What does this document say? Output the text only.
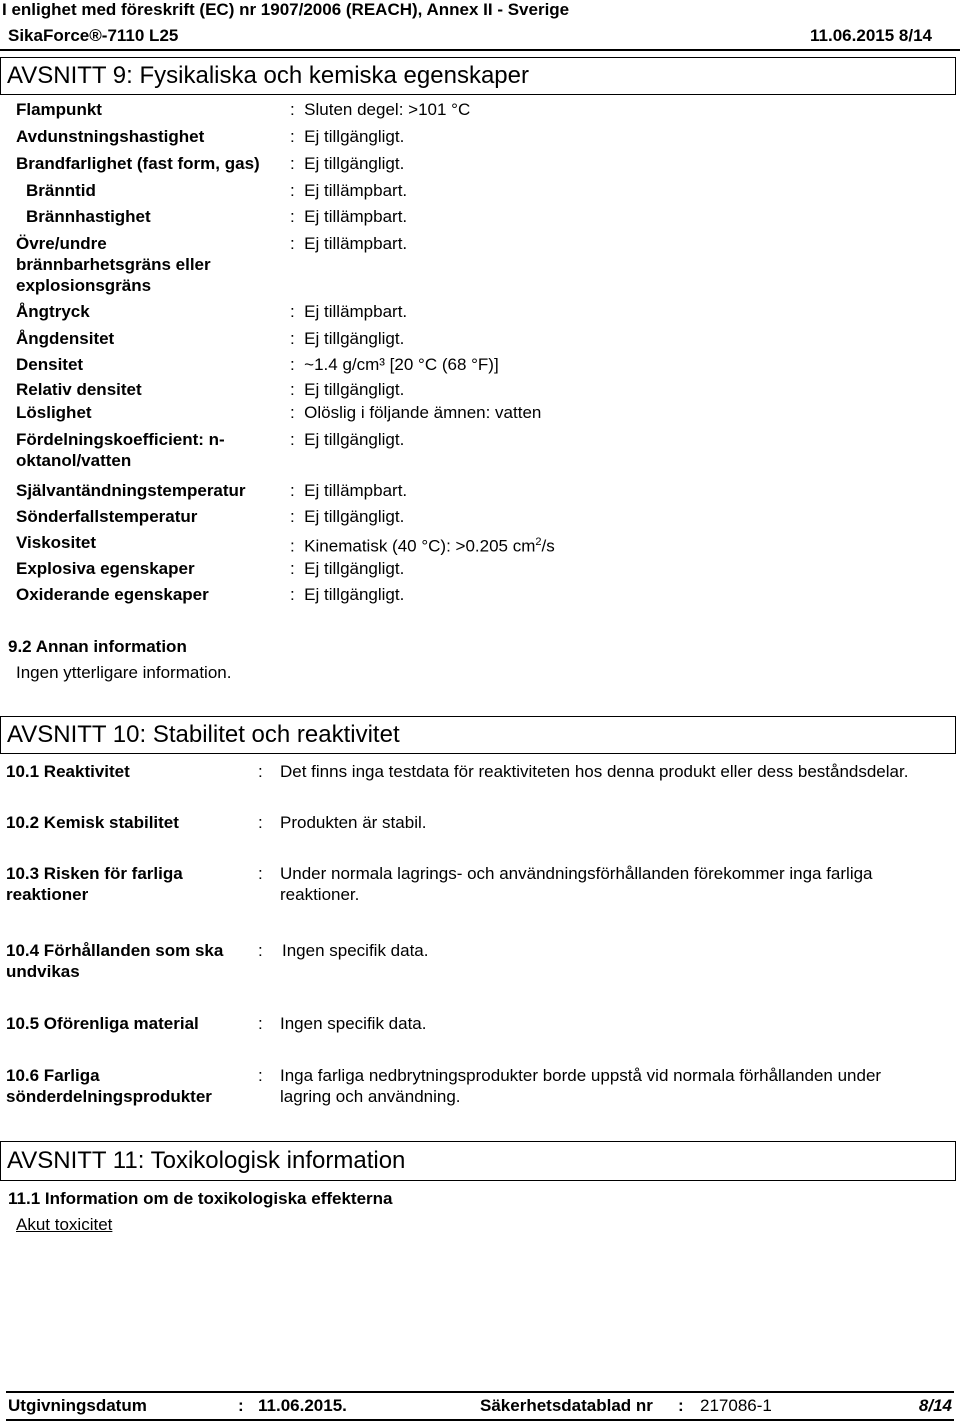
I enlighet med föreskrift (EC) nr 1907/2006 (REACH), Annex II - Sverige
SikaForce®-7110 L25	11.06.2015 8/14
AVSNITT 9: Fysikaliska och kemiska egenskaper
Flampunkt	:  Sluten degel: >101 °C
Avdunstningshastighet	:  Ej tillgängligt.
Brandfarlighet (fast form, gas) :  Ej tillgängligt.
Bränntid	:  Ej tillämpbart.
Brännhastighet	:  Ej tillämpbart.
Övre/undre brännbarhetsgräns eller explosionsgräns
:  Ej tillämpbart.
Ångtryck	:  Ej tillämpbart.
Ångdensitet	:  Ej tillgängligt.
Densitet	:  ~1.4 g/cm³ [20 °C (68 °F)]
Relativ densitet	:  Ej tillgängligt.
Löslighet	:  Olöslig i följande ämnen: vatten
Fördelningskoefficient: n-oktanol/vatten
:  Ej tillgängligt.
Självantändningstemperatur	:  Ej tillämpbart.
Sönderfallstemperatur	:  Ej tillgängligt.
Viskositet	:  Kinematisk (40 °C): >0.205 $cm^2/s$
Explosiva egenskaper	:  Ej tillgängligt.
Oxiderande egenskaper	:  Ej tillgängligt.
9.2 Annan information
Ingen ytterligare information.
AVSNITT 10: Stabilitet och reaktivitet
10.1 Reaktivitet	: Det finns inga testdata för reaktiviteten hos denna produkt eller dess beståndsdelar.
10.2 Kemisk stabilitet	: Produkten är stabil.
10.3 Risken för farliga reaktioner
: Under normala lagrings- och användningsförhållanden förekommer inga farliga reaktioner.
10.4 Förhållanden som ska undvikas
: Ingen specifik data.
10.5 Oförenliga material	: Ingen specifik data.
10.6 Farliga sönderdelningsprodukter
: Inga farliga nedbrytningsprodukter borde uppstå vid normala förhållanden under lagring och användning.
AVSNITT 11: Toxikologisk information
11.1 Information om de toxikologiska effekterna
Akut toxicitet
Utgivningsdatum	: 11.06.2015.	Säkerhetsdatablad nr : 217086-1	8/14
